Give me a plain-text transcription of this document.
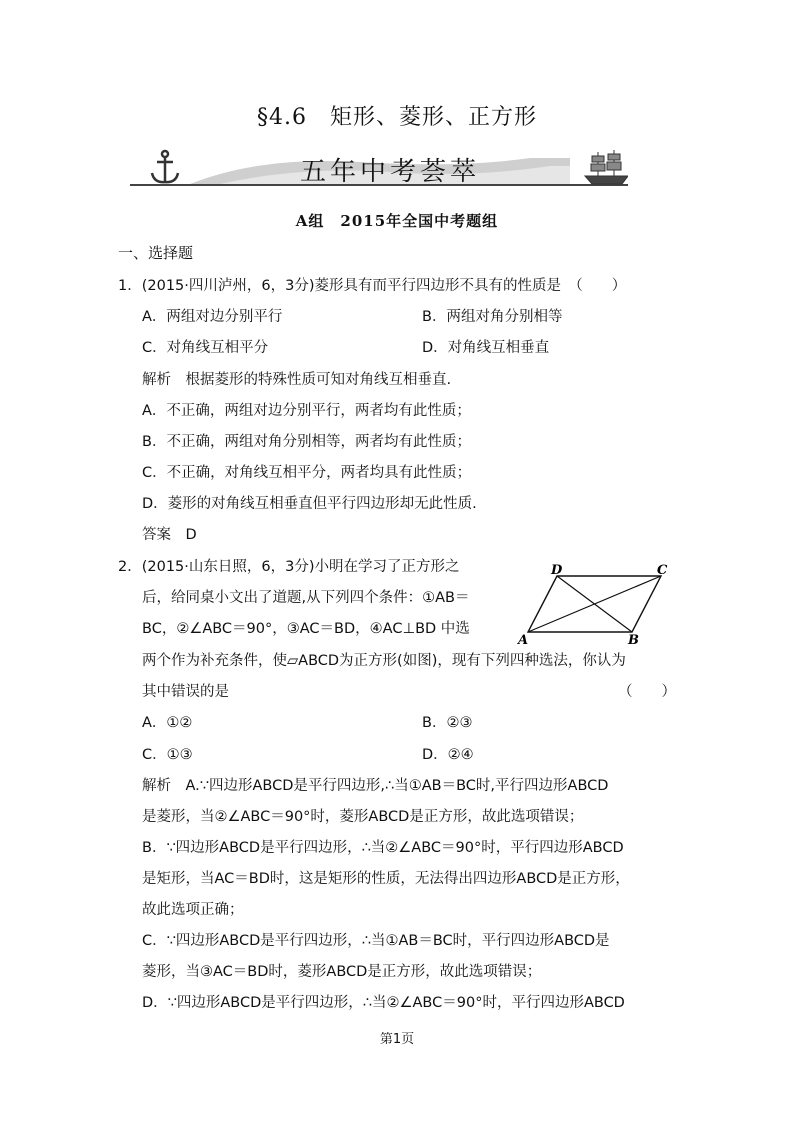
§4.6　矩形、菱形、正方形
五年中考荟萃
A组　2015年全国中考题组
一、选择题
1．(2015·四川泸州，6，3分)菱形具有而平行四边形不具有的性质是　（　　）
A．两组对边分别平行	B．两组对角分别相等
C．对角线互相平分	D．对角线互相垂直
解析　根据菱形的特殊性质可知对角线互相垂直.
A．不正确，两组对边分别平行，两者均有此性质；
B．不正确，两组对角分别相等，两者均有此性质；
C．不正确，对角线互相平分，两者均具有此性质；
D．菱形的对角线互相垂直但平行四边形却无此性质.
答案　D
2．(2015·山东日照，6，3分)小明在学习了正方形之
后，给同桌小文出了道题,从下列四个条件：①AB＝
BC，②∠ABC＝90°，③AC＝BD，④AC⊥BD 中选
两个作为补充条件，使▱ABCD为正方形(如图)，现有下列四种选法，你认为
其中错误的是	（　　）
A	B
C
D
A．①②	B．②③
C．①③	D．②④
解析　A.∵四边形ABCD是平行四边形,∴当①AB＝BC时,平行四边形ABCD
是菱形，当②∠ABC＝90°时，菱形ABCD是正方形，故此选项错误；
B．∵四边形ABCD是平行四边形，∴当②∠ABC＝90°时，平行四边形ABCD
是矩形，当AC＝BD时，这是矩形的性质，无法得出四边形ABCD是正方形，
故此选项正确；
C．∵四边形ABCD是平行四边形，∴当①AB＝BC时，平行四边形ABCD是
菱形，当③AC＝BD时，菱形ABCD是正方形，故此选项错误；
D．∵四边形ABCD是平行四边形，∴当②∠ABC＝90°时，平行四边形ABCD
第1页
